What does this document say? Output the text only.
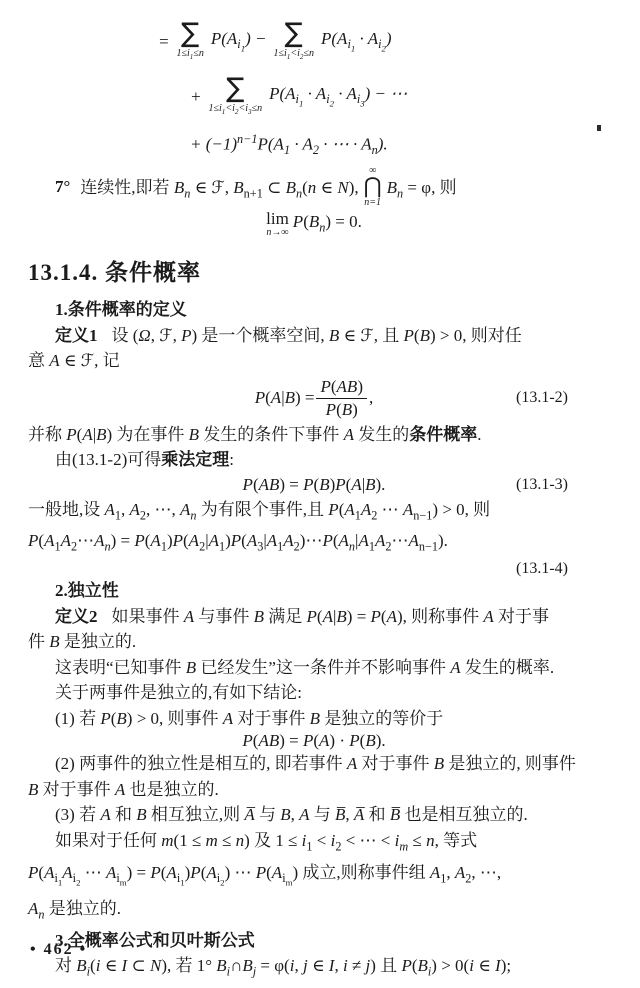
= ∑
$1\le i_1\le n$
$P(A_{i_1})$ − ∑
$1\le i_1<i_2\le n$
$P(A_{i_1} \cdot A_{i_2})$
+ ∑
$1\le i_1<i_2<i_3\le n$
$P(A_{i_1} \cdot A_{i_2} \cdot A_{i_3})$ − ⋯
+ $(-1)^{n-1}P(A_1 \cdot A_2$ · ⋯ · $A_n$).
7° 连续性,即若 $B_n$ ∈ ℱ, $B_{n+1}$ ⊂ $B_n(n$ ∈ N),
∞
⋂
n=1
$B_n = \varphi$, 则
lim
n→∞
$P(B_n) = 0$.
13.1.4. 条件概率
1.条件概率的定义
定义1 设 (Ω, ℱ, P) 是一个概率空间, B ∈ ℱ, 且 P(B) > 0, 则对任
意 A ∈ ℱ, 记
$P(A|B) = \frac{P(AB)}{P(B)}$ ,	(13.1-2)
并称 P(A|B) 为在事件 B 发生的条件下事件 A 发生的条件概率.
由(13.1-2)可得乘法定理:
P(AB) = P(B)P(A|B).	(13.1-3)
一般地,设 $A_1$, $A_2$, ⋯, $A_n$ 为有限个事件,且 $P(A_1A_2$ ⋯ $A_{n-1}) > 0$, 则
$P(A_1A_2\cdots A_n)$ = $P(A_1)P(A_2|A_1)P(A_3|A_1A_2)\cdots P(A_n|A_1A_2\cdots A_{n-1})$.
(13.1-4)
2.独立性
定义2 如果事件 A 与事件 B 满足 P(A|B) = P(A), 则称事件 A 对于事
件 B 是独立的.
这表明“已知事件 B 已经发生”这一条件并不影响事件 A 发生的概率.
关于两事件是独立的,有如下结论:
(1) 若 P(B) > 0, 则事件 A 对于事件 B 是独立的等价于
P(AB) = P(A) · P(B).
(2) 两事件的独立性是相互的, 即若事件 A 对于事件 B 是独立的, 则事件
B 对于事件 A 也是独立的.
(3) 若 A 和 B 相互独立,则 A̅ 与 B, A 与 B̅, A̅ 和 B̅ 也是相互独立的.
如果对于任何 m(1 ≤ m ≤ n) 及 $1 \le i_1 < i_2$ < ⋯ < $i_m \le n$, 等式
$P(A_{i_1}A_{i_2}$ ⋯ $A_{i_m}) = P(A_{i_1})P(A_{i_2})$ ⋯ $P(A_{i_m})$ 成立,则称事件组 $A_1$, $A_2$, ⋯,
$A_n$ 是独立的.
3.全概率公式和贝叶斯公式
对 $B_i(i$ ∈ I ⊂ N), 若 1° $B_i\cap B_j = \varphi(i$, j ∈ I, i ≠ j) 且 $P(B_i) > 0(i$ ∈ I);
• 462 •
